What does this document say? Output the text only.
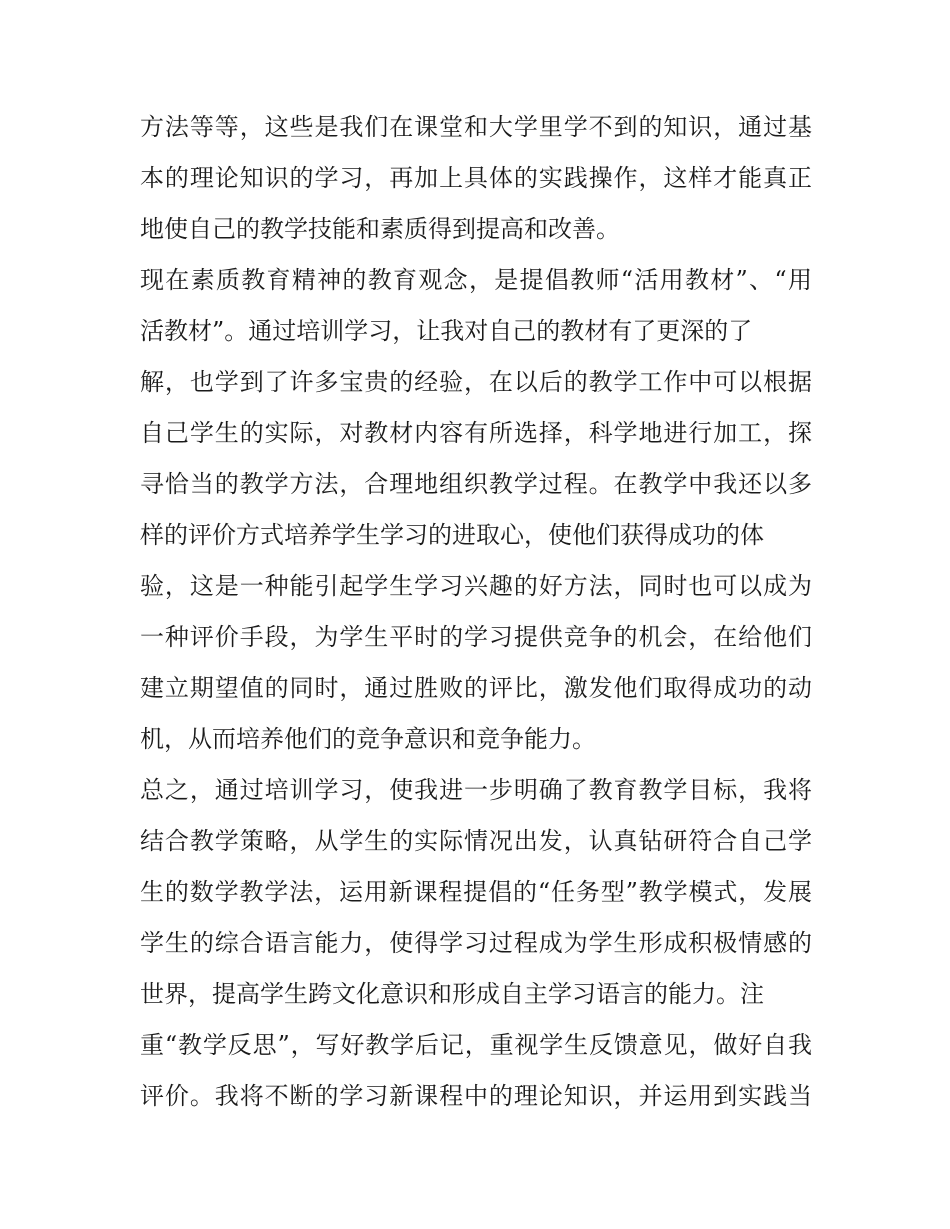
方法等等，这些是我们在课堂和大学里学不到的知识，通过基
本的理论知识的学习，再加上具体的实践操作，这样才能真正
地使自己的教学技能和素质得到提高和改善。
现在素质教育精神的教育观念，是提倡教师“活用教材”、“用
活教材”。通过培训学习，让我对自己的教材有了更深的了
解，也学到了许多宝贵的经验，在以后的教学工作中可以根据
自己学生的实际，对教材内容有所选择，科学地进行加工，探
寻恰当的教学方法，合理地组织教学过程。在教学中我还以多
样的评价方式培养学生学习的进取心，使他们获得成功的体
验，这是一种能引起学生学习兴趣的好方法，同时也可以成为
一种评价手段，为学生平时的学习提供竞争的机会，在给他们
建立期望值的同时，通过胜败的评比，激发他们取得成功的动
机，从而培养他们的竞争意识和竞争能力。
总之，通过培训学习，使我进一步明确了教育教学目标，我将
结合教学策略，从学生的实际情况出发，认真钻研符合自己学
生的数学教学法，运用新课程提倡的“任务型”教学模式，发展
学生的综合语言能力，使得学习过程成为学生形成积极情感的
世界，提高学生跨文化意识和形成自主学习语言的能力。注
重“教学反思”，写好教学后记，重视学生反馈意见，做好自我
评价。我将不断的学习新课程中的理论知识，并运用到实践当
